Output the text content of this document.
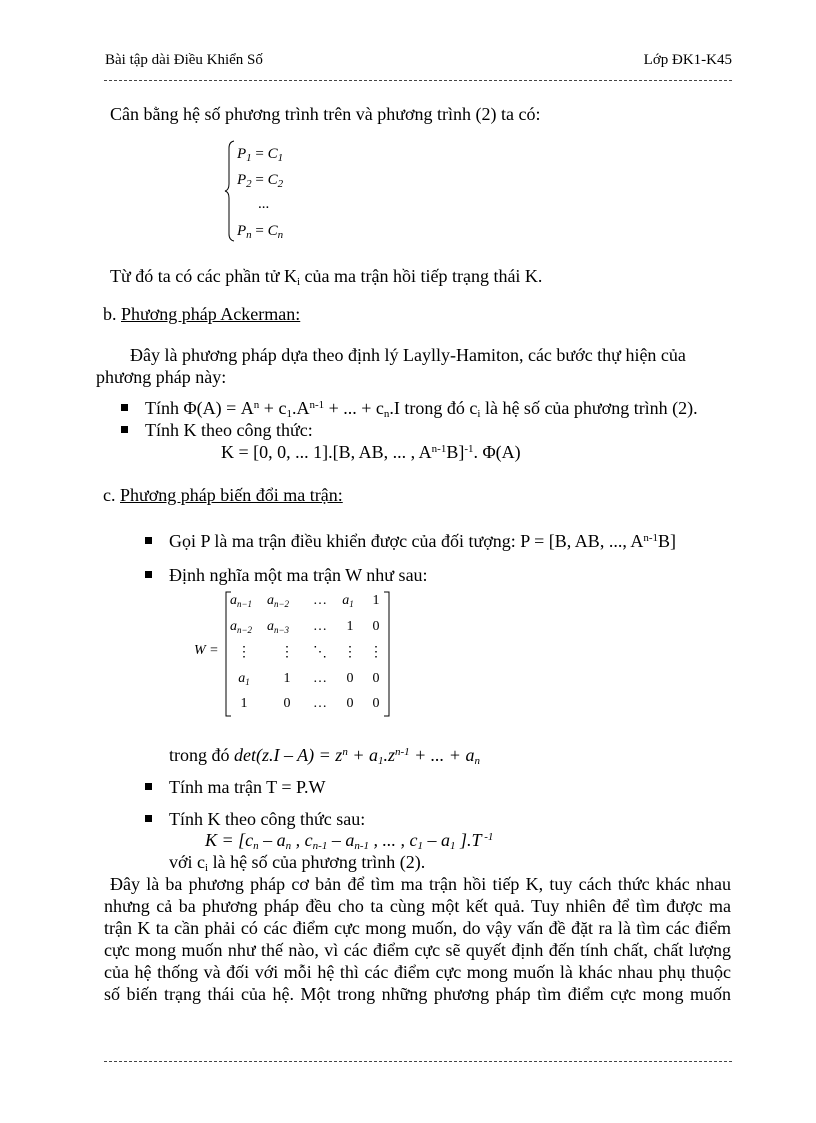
Bài tập dài Điều Khiển Số	Lớp ĐK1-K45
Cân bằng hệ số phương trình trên và phương trình (2) ta có:
$P_1 = C_1$
$P_2 = C_2$
...
$P_n = C_n$
Từ đó ta có các phần tử $K_i$ của ma trận hồi tiếp trạng thái K.
b. Phương pháp Ackerman:
Đây là phương pháp dựa theo định lý Laylly-Hamiton, các bước thự hiện của
phương pháp này:
Tính $\Phi(A) = A^n + c_1.A^{n-1}$ + ... + $c_n.I$ trong đó $c_i$ là hệ số của phương trình (2).
Tính K theo công thức:
K = [0, 0, ... 1].[B, AB, ... , $A^{n-1}B]^{-1}$. Φ(A)
c. Phương pháp biến đổi ma trận:
Gọi P là ma trận điều khiển được của đối tượng: P = [B, AB, ..., $A^{n-1}B$]
Định nghĩa một ma trận W như sau:
W =
$a_{n-1}$	$a_{n-2}$	…	$a_1$	1
$a_{n-2}$	$a_{n-3}$	…	1	0
⋮	⋮	⋱	⋮ ⋮
$a_1$	1	…	0	0
1	0	…	0	0
trong đó $\det(z.I - A) = z^n + a_1.z^{n-1}$ + ... + $a_n$
Tính ma trận T = P.W
Tính K theo công thức sau:
$K = [c_n - a_n$ , $c_{n-1} - a_{n-1}$ , ... , $c_1 - a_1$ ].T $^{-1}$
với $c_i$ là hệ số của phương trình (2).
Đây là ba phương pháp cơ bản để tìm ma trận hồi tiếp K, tuy cách thức khác nhau
nhưng cả ba phương pháp đều cho ta cùng một kết quả. Tuy nhiên để tìm được ma
trận K ta cần phải có các điểm cực mong muốn, do vậy vấn đề đặt ra là tìm các điểm
cực mong muốn như thế nào, vì các điểm cực sẽ quyết định đến tính chất, chất lượng
của hệ thống và đối với mỗi hệ thì các điểm cực mong muốn là khác nhau phụ thuộc
số biến trạng thái của hệ. Một trong những phương pháp tìm điểm cực mong muốn
